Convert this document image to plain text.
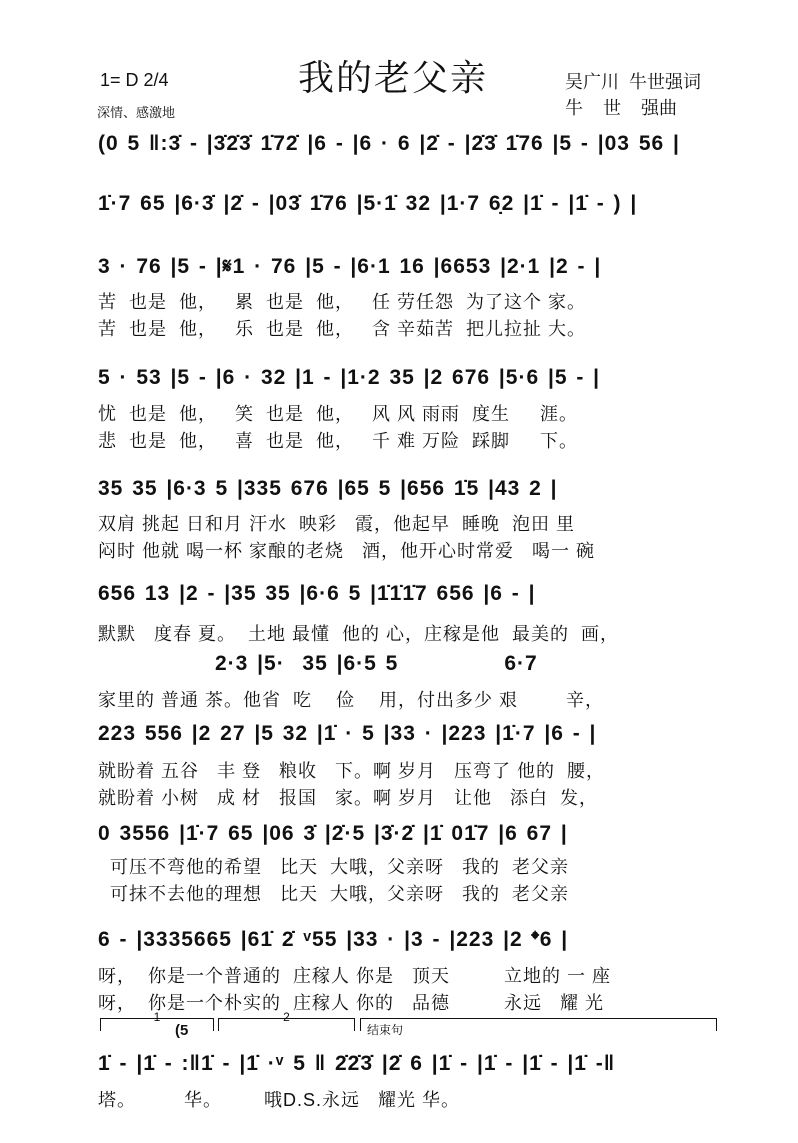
我的老父亲
1= D 2/4
深情、感激地
吴广川  牛世强词
牛    世    强曲
(0 5 ‖:3̇ - |3̇2̇3̇ 1̇72̇ |6 - |6 · 6 |2̇ - |2̇3̇ 1̇76 |5 - |03 56 |
1̇·7 65 |6·3̇ |2̇ - |03̇ 1̇76 |5·1̇ 32 |1·7 6̣2 |1̇ - |1̇ - ) |
3 · 76 |5 - |𝄋1 · 76 |5 - |6·1 16 |6653 |2·1 |2 - |
苦  也是  他，   累  也是  他，   任 劳任怨  为了这个 家。
苦  也是  他，   乐  也是  他，   含 辛茹苦  把儿拉扯 大。
5 · 53 |5 - |6 · 32 |1 - |1·2 35 |2 676 |5·6 |5 - |
忧  也是  他，   笑  也是  他，   风 风 雨雨  度生     涯。
悲  也是  他，   喜  也是  他，   千 难 万险  踩脚     下。
35 35 |6·3 5 |335 676 |65 5 |656 1̇5 |43 2 |
双肩 挑起 日和月 汗水  映彩   霞，他起早  睡晚  泡田 里
闷时 他就 喝一杯 家酿的老烧   酒，他开心时常爱   喝一 碗
656 13 |2 - |35 35 |6·6 5 |1̇1̇1̇7 656 |6 - |
默默   度春 夏。  土地 最懂  他的 心，庄稼是他  最美的  画，
2·3 |5·  35 |6·5 5            6·7
家里的 普通 茶。他省  吃    俭    用，付出多少 艰        辛，
223 556 |2 27 |5 32 |1̇ · 5 |33 · |223 |1̇·7 |6 - |
就盼着 五谷   丰 登   粮收   下。啊 岁月   压弯了 他的  腰，
就盼着 小树   成 材   报国   家。啊 岁月   让他   添白  发，
0 3556 |1̇·7 65 |06 3̇ |2̇·5 |3̇·2̇ |1̇ 01̇7 |6 67 |
可压不弯他的希望   比天  大哦，父亲呀   我的  老父亲
可抹不去他的理想   比天  大哦，父亲呀   我的  老父亲
6 - |3335665 |61̇ 2̇ ᵛ55 |33 · |3 - |223 |2 𝄌6 |
呀，  你是一个普通的  庄稼人 你是   顶天         立地的 一 座
呀，  你是一个朴实的  庄稼人 你的   品德         永远   耀 光
1
(5
2
结束句
1̇ - |1̇ - :‖1̇ - |1̇ ·ᵛ 5 ‖ 2̇2̇3̇ |2̇ 6 |1̇ - |1̇ - |1̇ - |1̇ -‖
塔。        华。       哦D.S.永远   耀光 华。
